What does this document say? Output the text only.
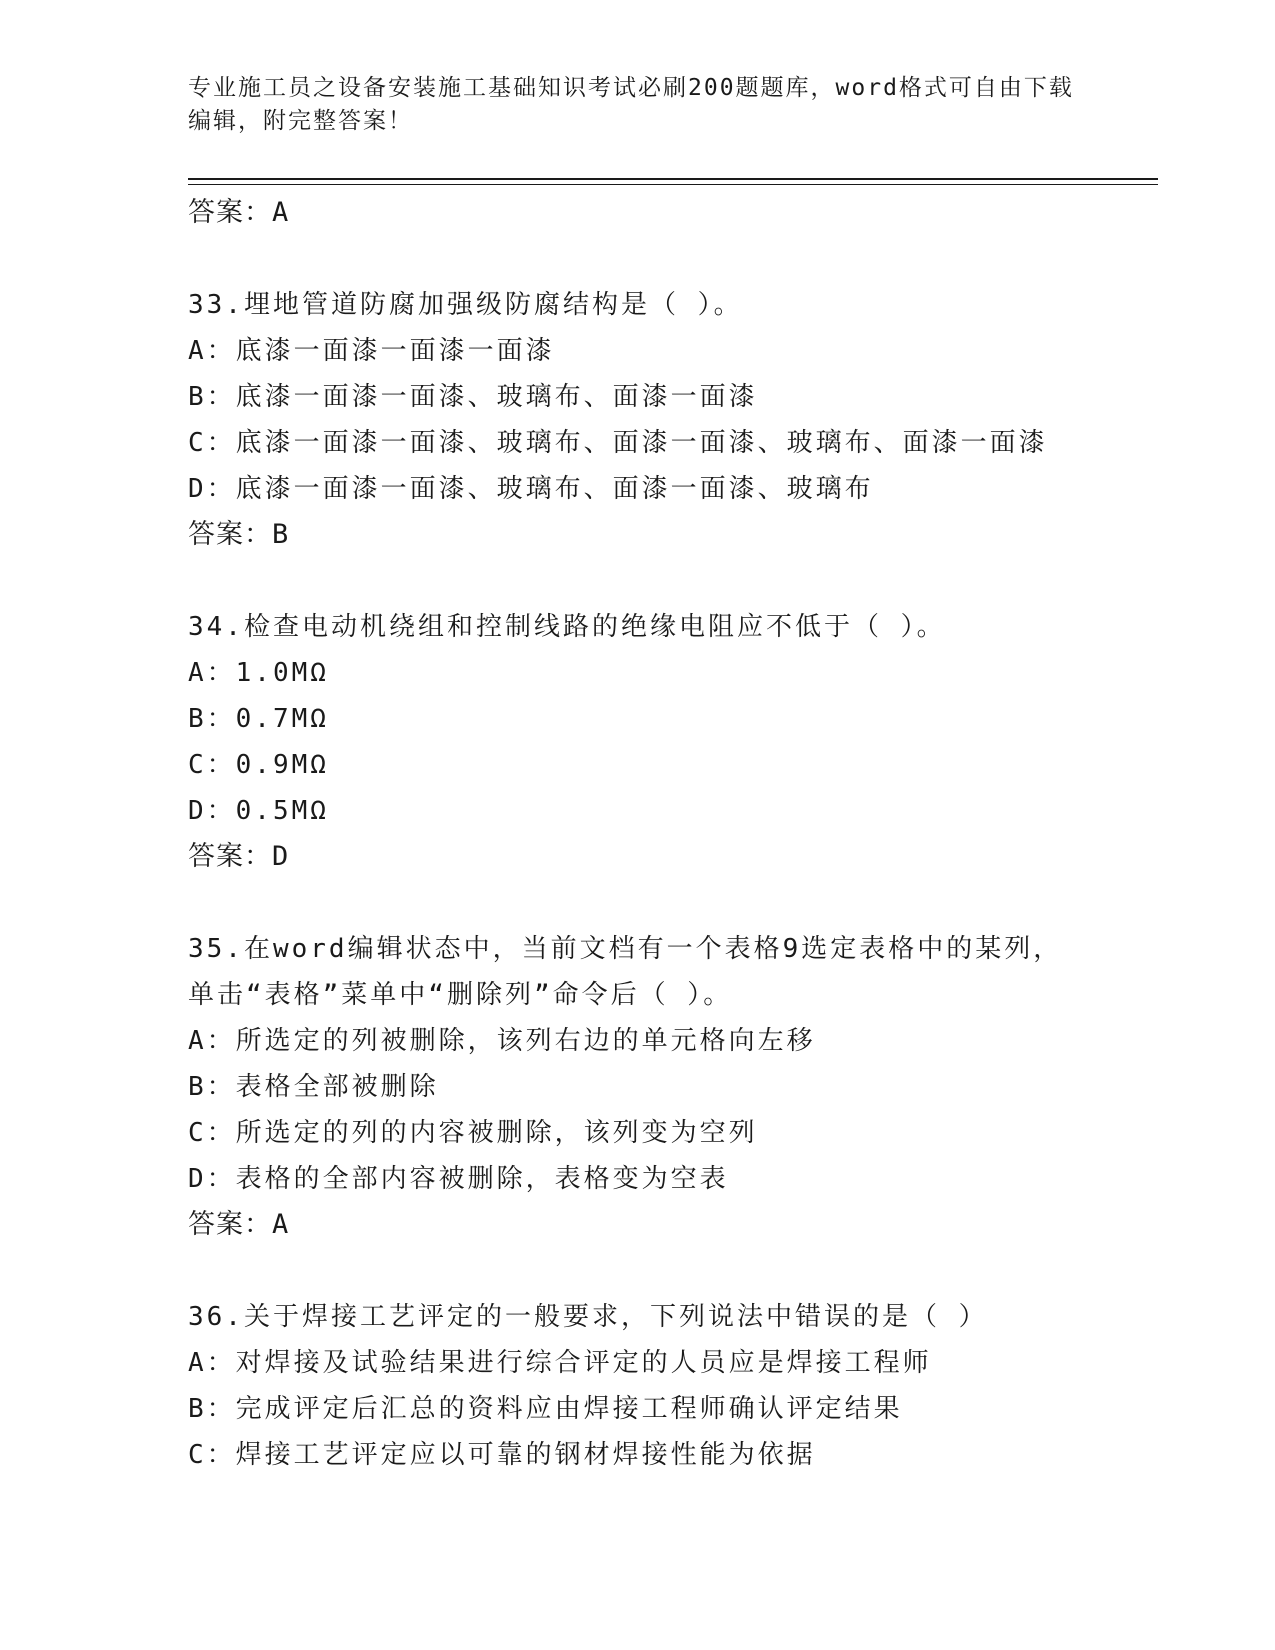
专业施工员之设备安装施工基础知识考试必刷200题题库，word格式可自由下载编辑，附完整答案！
答案：A
33.埋地管道防腐加强级防腐结构是（ ）。
A：底漆一面漆一面漆一面漆
B：底漆一面漆一面漆、玻璃布、面漆一面漆
C：底漆一面漆一面漆、玻璃布、面漆一面漆、玻璃布、面漆一面漆
D：底漆一面漆一面漆、玻璃布、面漆一面漆、玻璃布
答案：B
34.检查电动机绕组和控制线路的绝缘电阻应不低于（ ）。
A：1.0MΩ
B：0.7MΩ
C：0.9MΩ
D：0.5MΩ
答案：D
35.在word编辑状态中，当前文档有一个表格9选定表格中的某列，
单击“表格”菜单中“删除列”命令后（ ）。
A：所选定的列被删除，该列右边的单元格向左移
B：表格全部被删除
C：所选定的列的内容被删除，该列变为空列
D：表格的全部内容被删除，表格变为空表
答案：A
36.关于焊接工艺评定的一般要求，下列说法中错误的是（ ）
A：对焊接及试验结果进行综合评定的人员应是焊接工程师
B：完成评定后汇总的资料应由焊接工程师确认评定结果
C：焊接工艺评定应以可靠的钢材焊接性能为依据
